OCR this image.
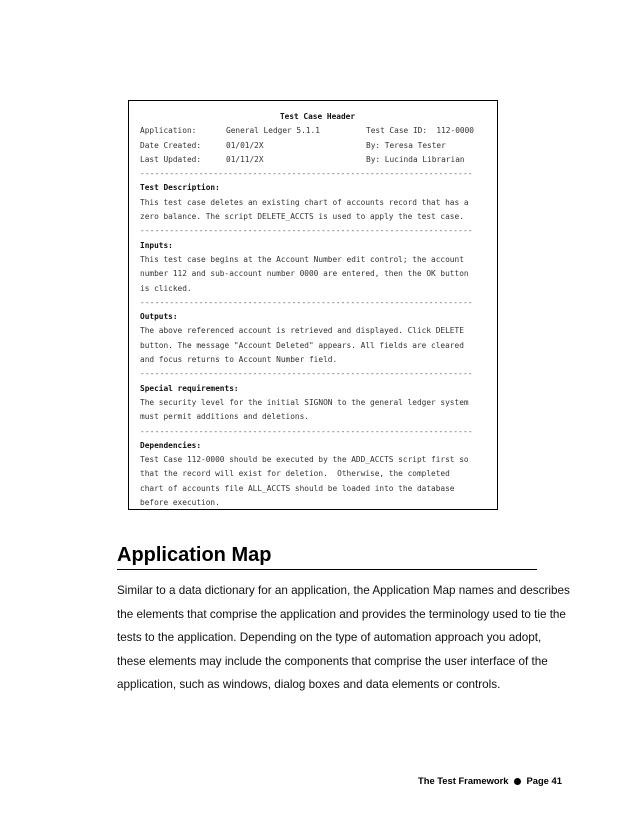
Test Case Header
Application:	General Ledger 5.1.1	Test Case ID:  112-0000
Date Created:	01/01/2X	By: Teresa Tester
Last Updated:	01/11/2X	By: Lucinda Librarian
--------------------------------------------------------------------
Test Description:
This test case deletes an existing chart of accounts record that has a
zero balance. The script DELETE_ACCTS is used to apply the test case.
--------------------------------------------------------------------
Inputs:
This test case begins at the Account Number edit control; the account
number 112 and sub-account number 0000 are entered, then the OK button
is clicked.
--------------------------------------------------------------------
Outputs:
The above referenced account is retrieved and displayed. Click DELETE
button. The message "Account Deleted" appears. All fields are cleared
and focus returns to Account Number field.
--------------------------------------------------------------------
Special requirements:
The security level for the initial SIGNON to the general ledger system
must permit additions and deletions.
--------------------------------------------------------------------
Dependencies:
Test Case 112-0000 should be executed by the ADD_ACCTS script first so
that the record will exist for deletion.  Otherwise, the completed
chart of accounts file ALL_ACCTS should be loaded into the database
before execution.
Application Map
Similar to a data dictionary for an application, the Application Map names and describes
the elements that comprise the application and provides the terminology used to tie the
tests to the application. Depending on the type of automation approach you adopt,
these elements may include the components that comprise the user interface of the
application, such as windows, dialog boxes and data elements or controls.
The Test Framework Page 41
